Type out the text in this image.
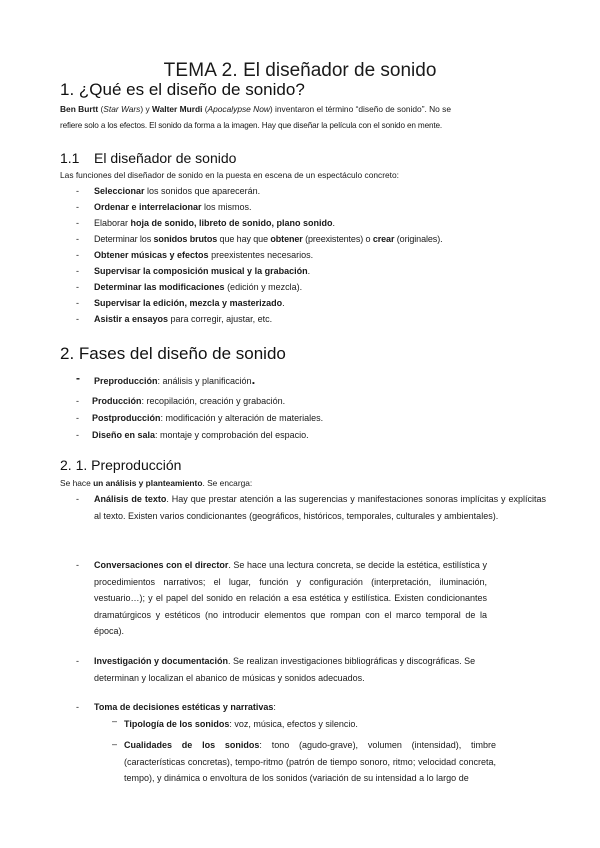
TEMA 2. El diseñador de sonido
1. ¿Qué es el diseño de sonido?
Ben Burtt (Star Wars) y Walter Murdi (Apocalypse Now) inventaron el término “diseño de sonido”. No se
refiere solo a los efectos. El sonido da forma a la imagen. Hay que diseñar la película con el sonido en mente.
1.1 El diseñador de sonido
Las funciones del diseñador de sonido en la puesta en escena de un espectáculo concreto:
- Seleccionar los sonidos que aparecerán.
- Ordenar e interrelacionar los mismos.
- Elaborar hoja de sonido, libreto de sonido, plano sonido.
- Determinar los sonidos brutos que hay que obtener (preexistentes) o crear (originales).
- Obtener músicas y efectos preexistentes necesarios.
- Supervisar la composición musical y la grabación.
- Determinar las modificaciones (edición y mezcla).
- Supervisar la edición, mezcla y masterizado.
- Asistir a ensayos para corregir, ajustar, etc.
2. Fases del diseño de sonido
- Preproducción: análisis y planificación.
- Producción: recopilación, creación y grabación.
- Postproducción: modificación y alteración de materiales.
- Diseño en sala: montaje y comprobación del espacio.
2. 1. Preproducción
Se hace un análisis y planteamiento. Se encarga:
- Análisis de texto. Hay que prestar atención a las sugerencias y manifestaciones sonoras implícitas y explícitas al texto. Existen varios condicionantes (geográficos, históricos, temporales, culturales y ambientales).
- Conversaciones con el director. Se hace una lectura concreta, se decide la estética, estilística y procedimientos narrativos; el lugar, función y configuración (interpretación, iluminación, vestuario…); y el papel del sonido en relación a esa estética y estilística. Existen condicionantes dramatúrgicos y estéticos (no introducir elementos que rompan con el marco temporal de la época).
- Investigación y documentación. Se realizan investigaciones bibliográficas y discográficas. Se determinan y localizan el abanico de músicas y sonidos adecuados.
- Toma de decisiones estéticas y narrativas:
– Tipología de los sonidos: voz, música, efectos y silencio.
– Cualidades de los sonidos: tono (agudo-grave), volumen (intensidad), timbre (características concretas), tempo-ritmo (patrón de tiempo sonoro, ritmo; velocidad concreta, tempo), y dinámica o envoltura de los sonidos (variación de su intensidad a lo largo de
